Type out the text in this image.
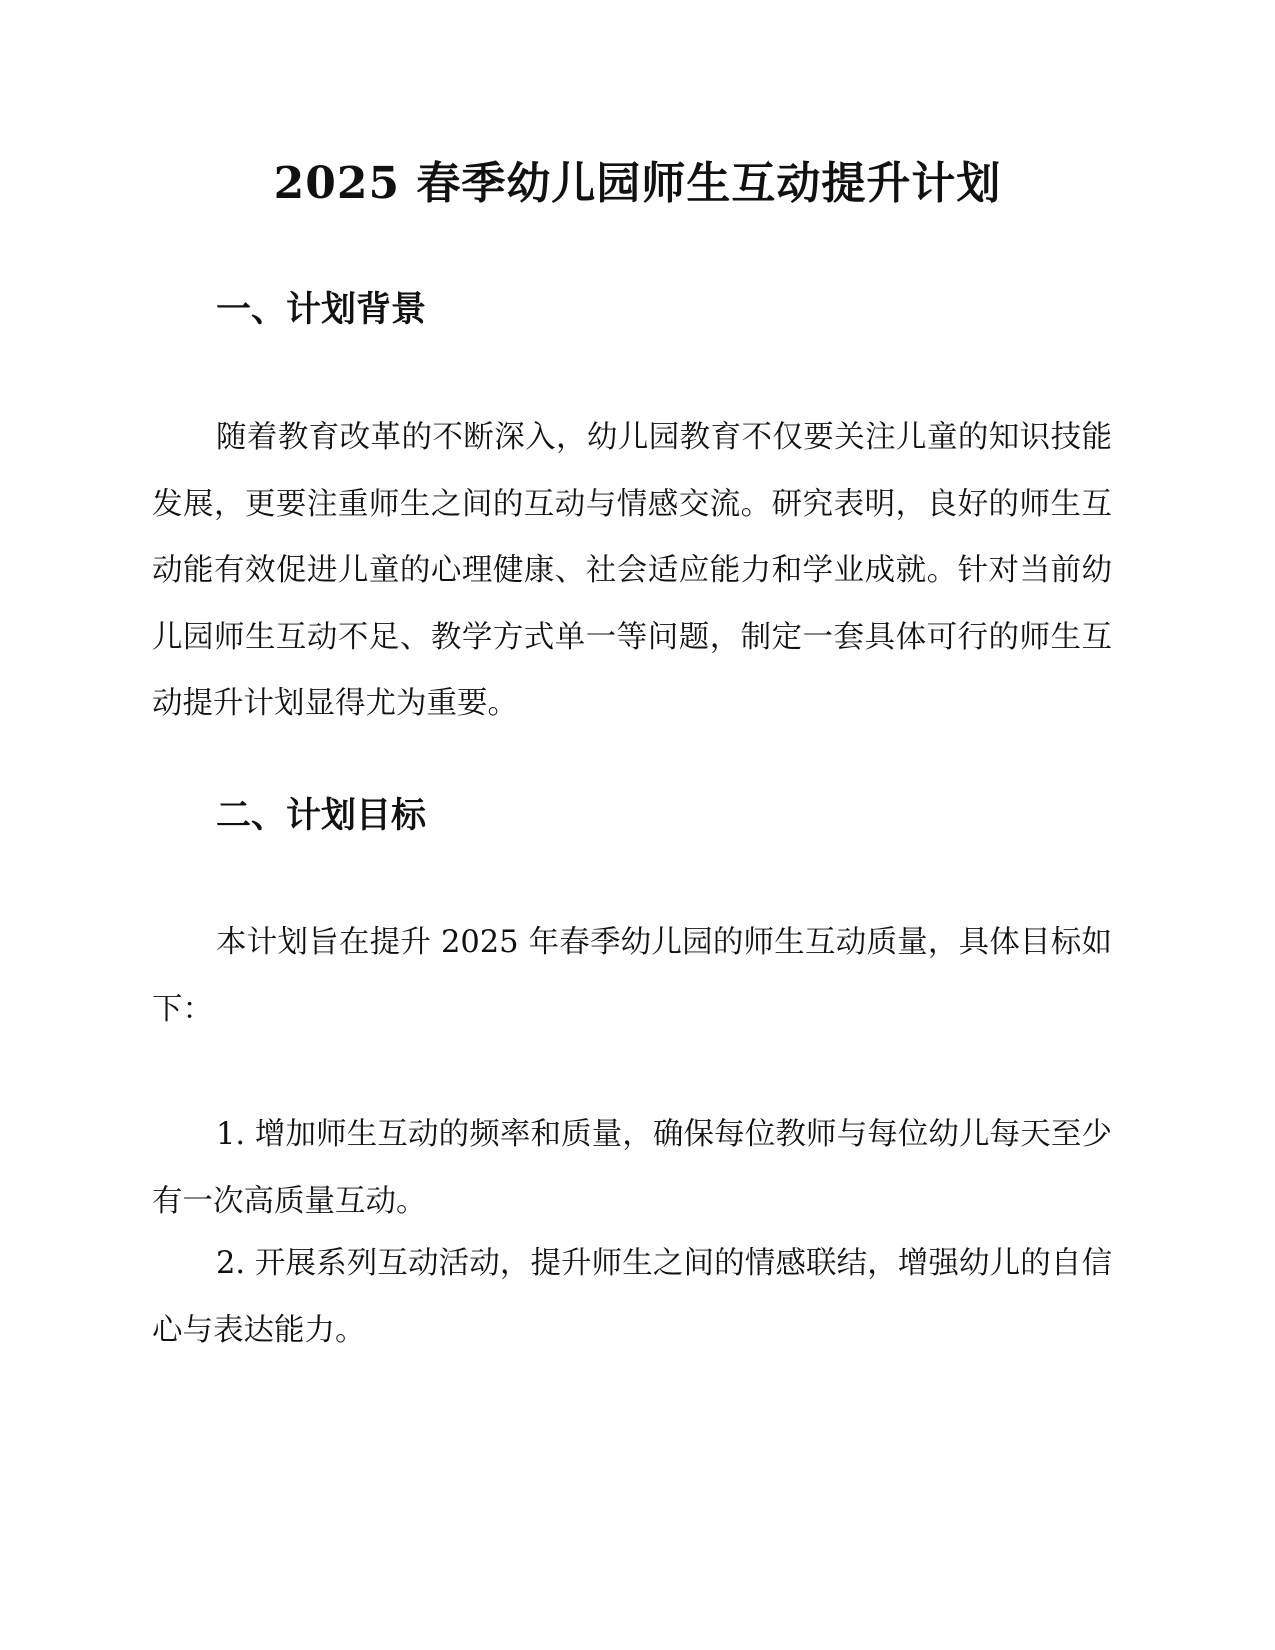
2025 春季幼儿园师生互动提升计划
一、计划背景

随着教育改革的不断深入，幼儿园教育不仅要关注儿童的知识技能发展，更要注重师生之间的互动与情感交流。研究表明，良好的师生互动能有效促进儿童的心理健康、社会适应能力和学业成就。针对当前幼儿园师生互动不足、教学方式单一等问题，制定一套具体可行的师生互动提升计划显得尤为重要。

二、计划目标

本计划旨在提升 2025 年春季幼儿园的师生互动质量，具体目标如下：

1. 增加师生互动的频率和质量，确保每位教师与每位幼儿每天至少有一次高质量互动。

2. 开展系列互动活动，提升师生之间的情感联结，增强幼儿的自信心与表达能力。
